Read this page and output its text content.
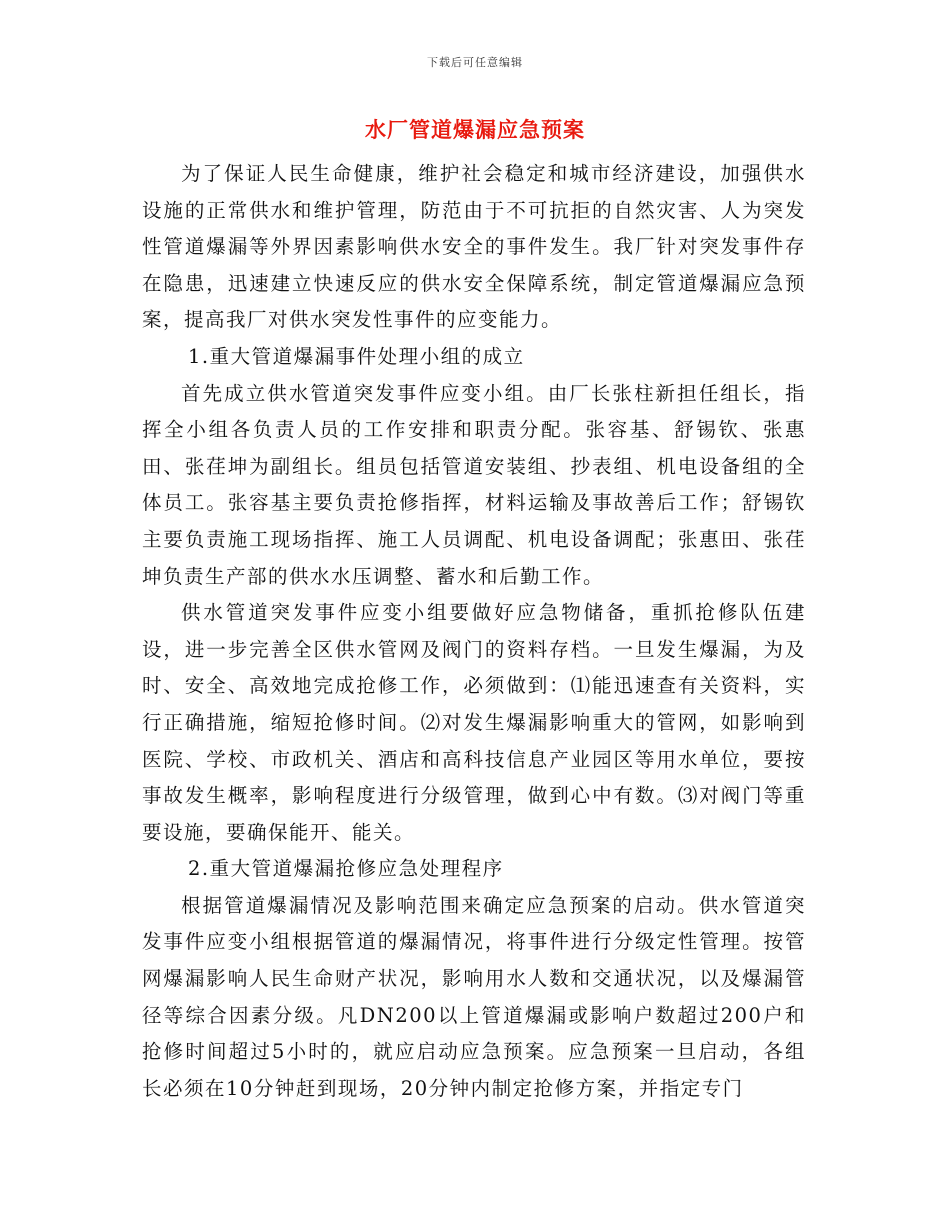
下载后可任意编辑
水厂管道爆漏应急预案

为了保证人民生命健康，维护社会稳定和城市经济建设，加强供水设施的正常供水和维护管理，防范由于不可抗拒的自然灾害、人为突发性管道爆漏等外界因素影响供水安全的事件发生。我厂针对突发事件存在隐患，迅速建立快速反应的供水安全保障系统，制定管道爆漏应急预案，提高我厂对供水突发性事件的应变能力。

1.重大管道爆漏事件处理小组的成立

首先成立供水管道突发事件应变小组。由厂长张柱新担任组长，指挥全小组各负责人员的工作安排和职责分配。张容基、舒锡钦、张惠田、张荏坤为副组长。组员包括管道安装组、抄表组、机电设备组的全体员工。张容基主要负责抢修指挥，材料运输及事故善后工作；舒锡钦主要负责施工现场指挥、施工人员调配、机电设备调配；张惠田、张荏坤负责生产部的供水水压调整、蓄水和后勤工作。

供水管道突发事件应变小组要做好应急物储备，重抓抢修队伍建设，进一步完善全区供水管网及阀门的资料存档。一旦发生爆漏，为及时、安全、高效地完成抢修工作，必须做到：⑴能迅速查有关资料，实行正确措施，缩短抢修时间。⑵对发生爆漏影响重大的管网，如影响到医院、学校、市政机关、酒店和高科技信息产业园区等用水单位，要按事故发生概率，影响程度进行分级管理，做到心中有数。⑶对阀门等重要设施，要确保能开、能关。

2.重大管道爆漏抢修应急处理程序

根据管道爆漏情况及影响范围来确定应急预案的启动。供水管道突发事件应变小组根据管道的爆漏情况，将事件进行分级定性管理。按管网爆漏影响人民生命财产状况，影响用水人数和交通状况，以及爆漏管径等综合因素分级。凡DN200以上管道爆漏或影响户数超过200户和抢修时间超过5小时的，就应启动应急预案。应急预案一旦启动，各组长必须在10分钟赶到现场，20分钟内制定抢修方案，并指定专门
